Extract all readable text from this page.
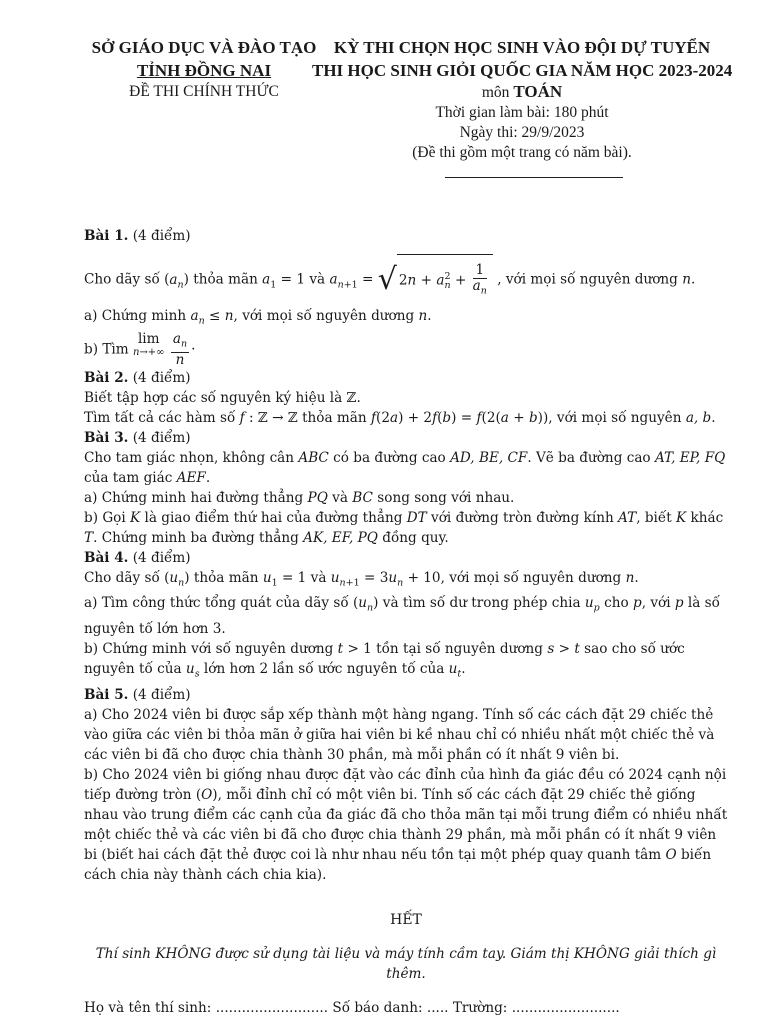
SỞ GIÁO DỤC VÀ ĐÀO TẠO
TỈNH ĐỒNG NAI
ĐỀ THI CHÍNH THỨC
KỲ THI CHỌN HỌC SINH VÀO ĐỘI DỰ TUYỂN
THI HỌC SINH GIỎI QUỐC GIA NĂM HỌC 2023-2024
môn TOÁN
Thời gian làm bài: 180 phút
Ngày thi: 29/9/2023
(Đề thi gồm một trang có năm bài).

Bài 1. (4 điểm)

Cho dãy số $(a_n)$ thỏa mãn $a_1 = 1$ và $a_{n+1}$ = √ $2n + a^2_n + \frac{1}{a_n}$ , với mọi số nguyên dương n.

a) Chứng minh $a_n \le n$, với mọi số nguyên dương n.

b) Tìm lim
n→+∞
$\frac{a_n}{n}$ ·

Bài 2. (4 điểm)

Biết tập hợp các số nguyên ký hiệu là ℤ.

Tìm tất cả các hàm số f : ℤ → ℤ thỏa mãn f(2a) + 2f(b) = f(2(a + b)), với mọi số nguyên a, b.

Bài 3. (4 điểm)

Cho tam giác nhọn, không cân ABC có ba đường cao AD, BE, CF. Vẽ ba đường cao AT, EP, FQ của tam giác AEF.

a) Chứng minh hai đường thẳng PQ và BC song song với nhau.

b) Gọi K là giao điểm thứ hai của đường thẳng DT với đường tròn đường kính AT, biết K khác T. Chứng minh ba đường thẳng AK, EF, PQ đồng quy.

Bài 4. (4 điểm)

Cho dãy số $(u_n)$ thỏa mãn $u_1 = 1$ và $u_{n+1} = 3u_n + 10$, với mọi số nguyên dương n.

a) Tìm công thức tổng quát của dãy số $(u_n)$ và tìm số dư trong phép chia $u_p$ cho p, với p là số nguyên tố lớn hơn 3.

b) Chứng minh với số nguyên dương t > 1 tồn tại số nguyên dương s > t sao cho số ước nguyên tố của $u_s$ lớn hơn 2 lần số ước nguyên tố của $u_t$.

Bài 5. (4 điểm)

a) Cho 2024 viên bi được sắp xếp thành một hàng ngang. Tính số các cách đặt 29 chiếc thẻ vào giữa các viên bi thỏa mãn ở giữa hai viên bi kề nhau chỉ có nhiều nhất một chiếc thẻ và các viên bi đã cho được chia thành 30 phần, mà mỗi phần có ít nhất 9 viên bi.

b) Cho 2024 viên bi giống nhau được đặt vào các đỉnh của hình đa giác đều có 2024 cạnh nội tiếp đường tròn (O), mỗi đỉnh chỉ có một viên bi. Tính số các cách đặt 29 chiếc thẻ giống nhau vào trung điểm các cạnh của đa giác đã cho thỏa mãn tại mỗi trung điểm có nhiều nhất một chiếc thẻ và các viên bi đã cho được chia thành 29 phần, mà mỗi phần có ít nhất 9 viên bi (biết hai cách đặt thẻ được coi là như nhau nếu tồn tại một phép quay quanh tâm O biến cách chia này thành cách chia kia).

HẾT

Thí sinh KHÔNG được sử dụng tài liệu và máy tính cầm tay. Giám thị KHÔNG giải thích gì thêm.

Họ và tên thí sinh: .......................... Số báo danh: ..... Trường: .........................
